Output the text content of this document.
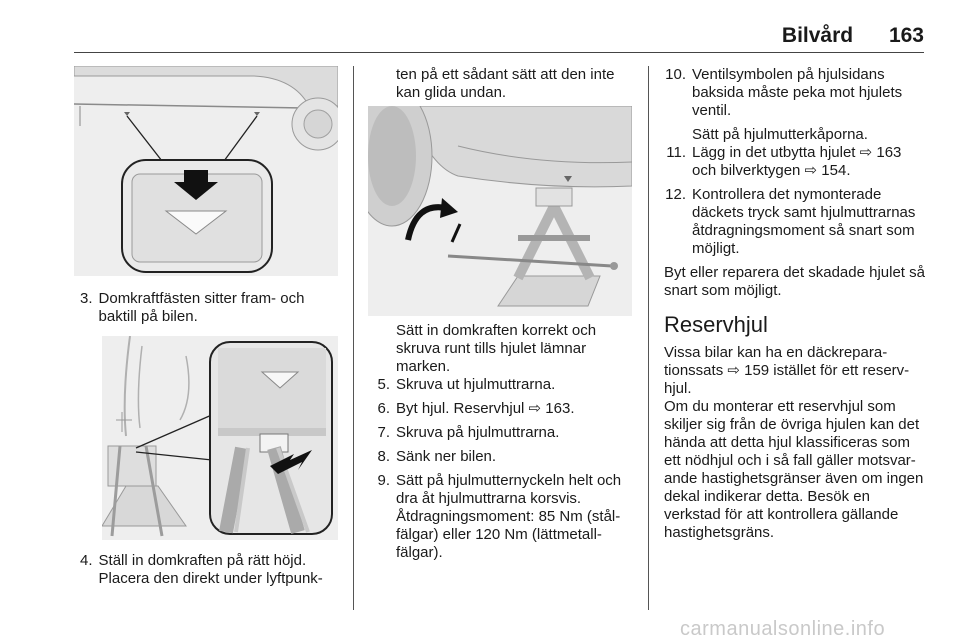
Bilvård 163
3. Domkraftfästen sitter fram- och baktill på bilen.
4. Ställ in domkraften på rätt höjd. Placera den direkt under lyftpunk-

ten på ett sådant sätt att den inte kan glida undan.

Sätt in domkraften korrekt och skruva runt tills hjulet lämnar marken.

5. Skruva ut hjulmuttrarna.
6. Byt hjul. Reservhjul ⇨ 163.
7. Skruva på hjulmuttrarna.
8. Sänk ner bilen.
9. Sätt på hjulmutternyckeln helt och dra åt hjulmuttrarna korsvis. Åtdragningsmoment: 85 Nm (stål-fälgar) eller 120 Nm (lättmetall-fälgar).
10. Ventilsymbolen på hjulsidans baksida måste peka mot hjulets ventil.

Sätt på hjulmutterkåporna.

11. Lägg in det utbytta hjulet ⇨ 163 och bilverktygen ⇨ 154.
12. Kontrollera det nymonterade däckets tryck samt hjulmuttrarnas åtdragningsmoment så snart som möjligt.

Byt eller reparera det skadade hjulet så snart som möjligt.

Reservhjul

Vissa bilar kan ha en däckrepara-tionssats ⇨ 159 istället för ett reserv-hjul.

Om du monterar ett reservhjul som skiljer sig från de övriga hjulen kan det hända att detta hjul klassificeras som ett nödhjul och i så fall gäller motsvar-ande hastighetsgränser även om ingen dekal indikerar detta. Besök en verkstad för att kontrollera gällande hastighetsgräns.

carmanualsonline.info
